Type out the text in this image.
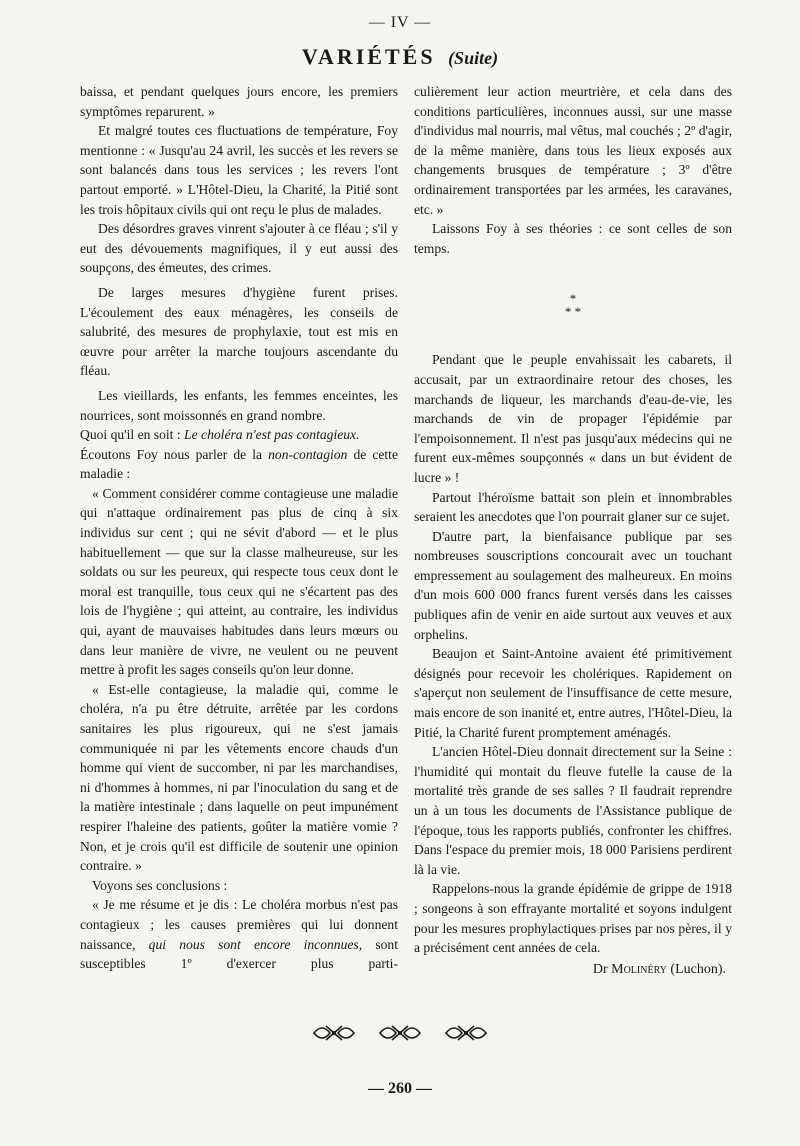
— IV —
VARIÉTÉS (Suite)

baissa, et pendant quelques jours encore, les premiers symptômes reparurent. »

Et malgré toutes ces fluctuations de température, Foy mentionne : « Jusqu'au 24 avril, les succès et les revers se sont balancés dans tous les services ; les revers l'ont partout emporté. » L'Hôtel-Dieu, la Charité, la Pitié sont les trois hôpitaux civils qui ont reçu le plus de malades.

Des désordres graves vinrent s'ajouter à ce fléau ; s'il y eut des dévouements magnifiques, il y eut aussi des soupçons, des émeutes, des crimes.

De larges mesures d'hygiène furent prises. L'écoulement des eaux ménagères, les conseils de salubrité, des mesures de prophylaxie, tout est mis en œuvre pour arrêter la marche toujours ascendante du fléau.

Les vieillards, les enfants, les femmes enceintes, les nourrices, sont moissonnés en grand nombre.

Quoi qu'il en soit : Le choléra n'est pas contagieux.

Écoutons Foy nous parler de la non-contagion de cette maladie :

« Comment considérer comme contagieuse une maladie qui n'attaque ordinairement pas plus de cinq à six individus sur cent ; qui ne sévit d'abord — et le plus habituellement — que sur la classe malheureuse, sur les soldats ou sur les peureux, qui respecte tous ceux dont le moral est tranquille, tous ceux qui ne s'écartent pas des lois de l'hygiène ; qui atteint, au contraire, les individus qui, ayant de mauvaises habitudes dans leurs mœurs ou dans leur manière de vivre, ne veulent ou ne peuvent mettre à profit les sages conseils qu'on leur donne.

« Est-elle contagieuse, la maladie qui, comme le choléra, n'a pu être détruite, arrêtée par les cordons sanitaires les plus rigoureux, qui ne s'est jamais communiquée ni par les vêtements encore chauds d'un homme qui vient de succomber, ni par les marchandises, ni d'hommes à hommes, ni par l'inoculation du sang et de la matière intestinale ; dans laquelle on peut impunément respirer l'haleine des patients, goûter la matière vomie ? Non, et je crois qu'il est difficile de soutenir une opinion contraire. »

Voyons ses conclusions :

« Je me résume et je dis : Le choléra morbus n'est pas contagieux ; les causes premières qui lui donnent naissance, qui nous sont encore inconnues, sont susceptibles 1º d'exercer plus parti-

culièrement leur action meurtrière, et cela dans des conditions particulières, inconnues aussi, sur une masse d'individus mal nourris, mal vêtus, mal couchés ; 2º d'agir, de la même manière, dans tous les lieux exposés aux changements brusques de température ; 3º d'être ordinairement transportées par les armées, les caravanes, etc. »

Laissons Foy à ses théories : ce sont celles de son temps.

*
* *

Pendant que le peuple envahissait les cabarets, il accusait, par un extraordinaire retour des choses, les marchands de liqueur, les marchands d'eau-de-vie, les marchands de vin de propager l'épidémie par l'empoisonnement. Il n'est pas jusqu'aux médecins qui ne furent eux-mêmes soupçonnés « dans un but évident de lucre » !

Partout l'héroïsme battait son plein et innombrables seraient les anecdotes que l'on pourrait glaner sur ce sujet.

D'autre part, la bienfaisance publique par ses nombreuses souscriptions concourait avec un touchant empressement au soulagement des malheureux. En moins d'un mois 600 000 francs furent versés dans les caisses publiques afin de venir en aide surtout aux veuves et aux orphelins.

Beaujon et Saint-Antoine avaient été primitivement désignés pour recevoir les cholériques. Rapidement on s'aperçut non seulement de l'insuffisance de cette mesure, mais encore de son inanité et, entre autres, l'Hôtel-Dieu, la Pitié, la Charité furent promptement aménagés.

L'ancien Hôtel-Dieu donnait directement sur la Seine : l'humidité qui montait du fleuve futelle la cause de la mortalité très grande de ses salles ? Il faudrait reprendre un à un tous les documents de l'Assistance publique de l'époque, tous les rapports publiés, confronter les chiffres. Dans l'espace du premier mois, 18 000 Parisiens perdirent là la vie.

Rappelons-nous la grande épidémie de grippe de 1918 ; songeons à son effrayante mortalité et soyons indulgent pour les mesures prophylactiques prises par nos pères, il y a précisément cent années de cela.

Dr Molinéry (Luchon).
— 260 —
